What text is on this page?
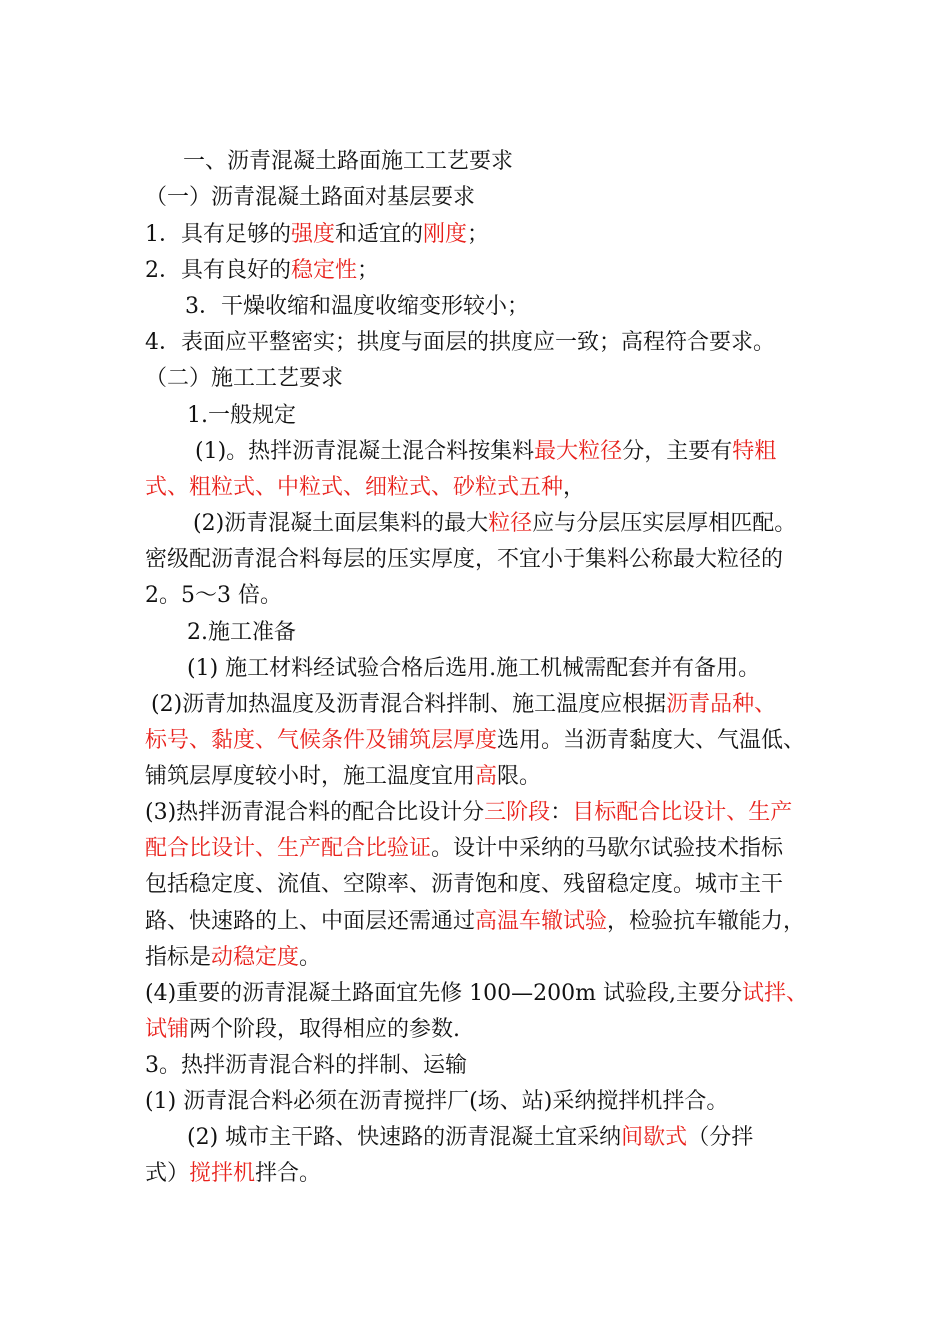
一、沥青混凝土路面施工工艺要求
（一）沥青混凝土路面对基层要求
1．具有足够的强度和适宜的刚度；
2．具有良好的稳定性；
3．干燥收缩和温度收缩变形较小；
4．表面应平整密实；拱度与面层的拱度应一致；高程符合要求。
（二）施工工艺要求
1.一般规定
(1)。热拌沥青混凝土混合料按集料最大粒径分，主要有特粗
式、粗粒式、中粒式、细粒式、砂粒式五种，
(2)沥青混凝土面层集料的最大粒径应与分层压实层厚相匹配。
密级配沥青混合料每层的压实厚度，不宜小于集料公称最大粒径的
2。5～3 倍。
2.施工准备
(1) 施工材料经试验合格后选用.施工机械需配套并有备用。
(2)沥青加热温度及沥青混合料拌制、施工温度应根据沥青品种、
标号、黏度、气候条件及铺筑层厚度选用。当沥青黏度大、气温低、
铺筑层厚度较小时，施工温度宜用高限。
(3)热拌沥青混合料的配合比设计分三阶段：目标配合比设计、生产
配合比设计、生产配合比验证。设计中采纳的马歇尔试验技术指标
包括稳定度、流值、空隙率、沥青饱和度、残留稳定度。城市主干
路、快速路的上、中面层还需通过高温车辙试验，检验抗车辙能力，
指标是动稳定度。
(4)重要的沥青混凝土路面宜先修 100—200m 试验段,主要分试拌、
试铺两个阶段，取得相应的参数.
3。热拌沥青混合料的拌制、运输
(1) 沥青混合料必须在沥青搅拌厂(场、站)采纳搅拌机拌合。
(2) 城市主干路、快速路的沥青混凝土宜采纳间歇式（分拌
式）搅拌机拌合。
